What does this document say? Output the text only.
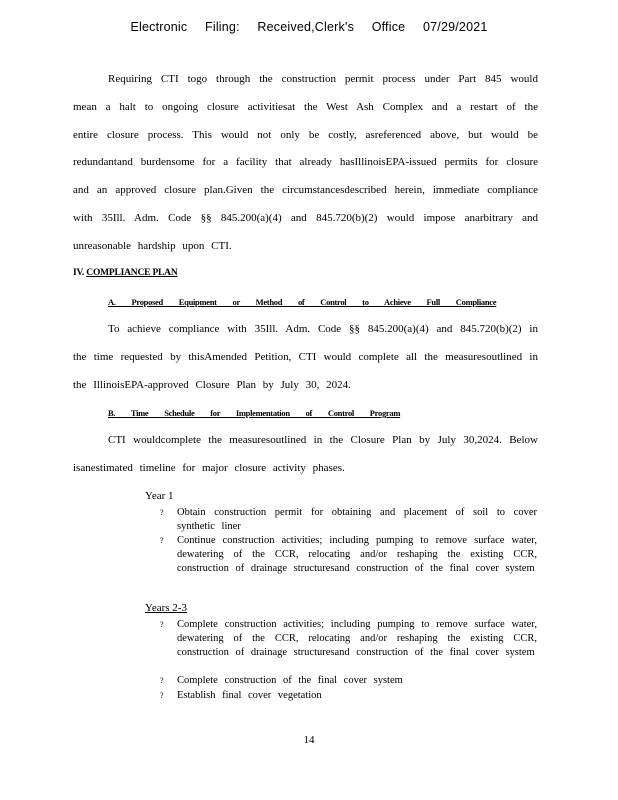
Electronic Filing: Received,Clerk's Office 07/29/2021
Requiring CTI togo through the construction permit process under Part 845 would mean a halt to ongoing closure activitiesat the West Ash Complex and a restart of the entire closure process. This would not only be costly, asreferenced above, but would be redundantand burdensome for a facility that already hasIllinoisEPA-issued permits for closure and an approved closure plan.Given the circumstancesdescribed herein, immediate compliance with 35Ill. Adm. Code §§ 845.200(a)(4) and 845.720(b)(2) would impose anarbitrary and unreasonable hardship upon CTI.
IV. COMPLIANCE PLAN
A. Proposed Equipment or Method of Control to Achieve Full Compliance
To achieve compliance with 35Ill. Adm. Code §§ 845.200(a)(4) and 845.720(b)(2) in the time requested by thisAmended Petition, CTI would complete all the measuresoutlined in the IllinoisEPA-approved Closure Plan by July 30, 2024.
B. Time Schedule for Implementation of Control Program
CTI wouldcomplete the measuresoutlined in the Closure Plan by July 30,2024. Below isanestimated timeline for major closure activity phases.
Year 1
?	Obtain construction permit for obtaining and placement of soil to cover synthetic liner
?	Continue construction activities; including pumping to remove surface water, dewatering of the CCR, relocating and/or reshaping the existing CCR, construction of drainage structuresand construction of the final cover system
Years 2-3
?	Complete construction activities; including pumping to remove surface water, dewatering of the CCR, relocating and/or reshaping the existing CCR, construction of drainage structuresand construction of the final cover system
?	Complete construction of the final cover system
?	Establish final cover vegetation
14
